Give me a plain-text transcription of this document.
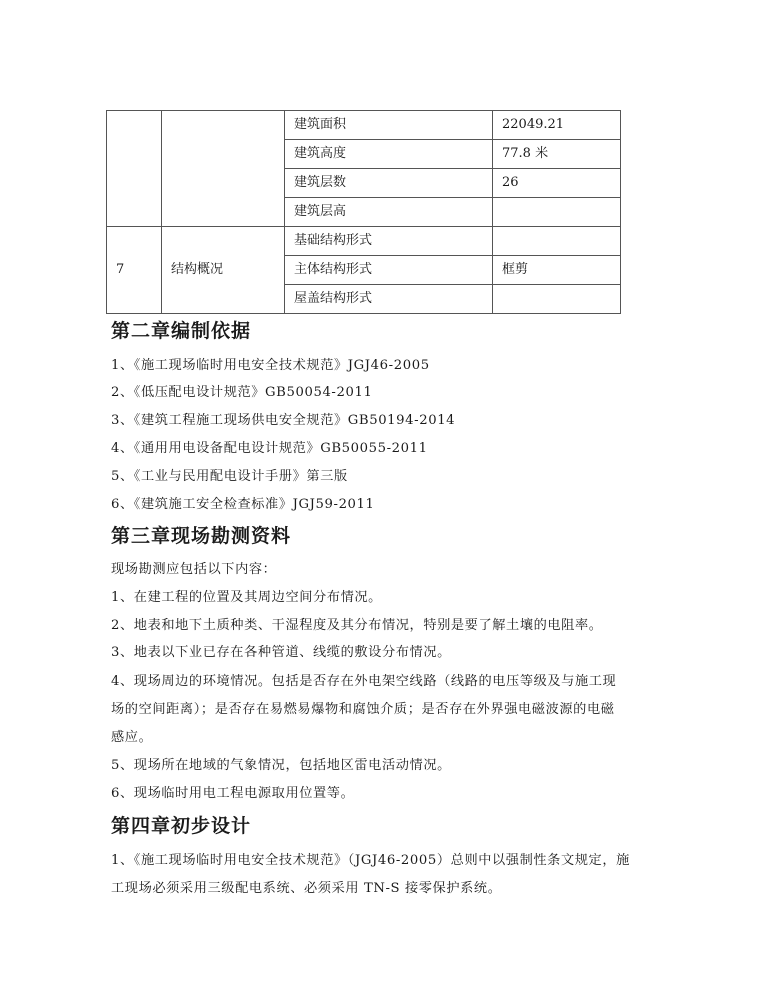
		建筑面积	22049.21
		建筑高度	77.8 米
		建筑层数	26
		建筑层高	
7	结构概况	基础结构形式	
		主体结构形式	框剪
		屋盖结构形式	
第二章编制依据
1、《施工现场临时用电安全技术规范》JGJ46-2005
2、《低压配电设计规范》GB50054-2011
3、《建筑工程施工现场供电安全规范》GB50194-2014
4、《通用用电设备配电设计规范》GB50055-2011
5、《工业与民用配电设计手册》第三版
6、《建筑施工安全检查标准》JGJ59-2011
第三章现场勘测资料
现场勘测应包括以下内容：
1、在建工程的位置及其周边空间分布情况。
2、地表和地下土质种类、干湿程度及其分布情况，特别是要了解土壤的电阻率。
3、地表以下业已存在各种管道、线缆的敷设分布情况。
4、现场周边的环境情况。包括是否存在外电架空线路（线路的电压等级及与施工现
场的空间距离）；是否存在易燃易爆物和腐蚀介质；是否存在外界强电磁波源的电磁
感应。
5、现场所在地域的气象情况，包括地区雷电活动情况。
6、现场临时用电工程电源取用位置等。
第四章初步设计
1、《施工现场临时用电安全技术规范》（JGJ46-2005）总则中以强制性条文规定，施
工现场必须采用三级配电系统、必须采用 TN-S 接零保护系统。
